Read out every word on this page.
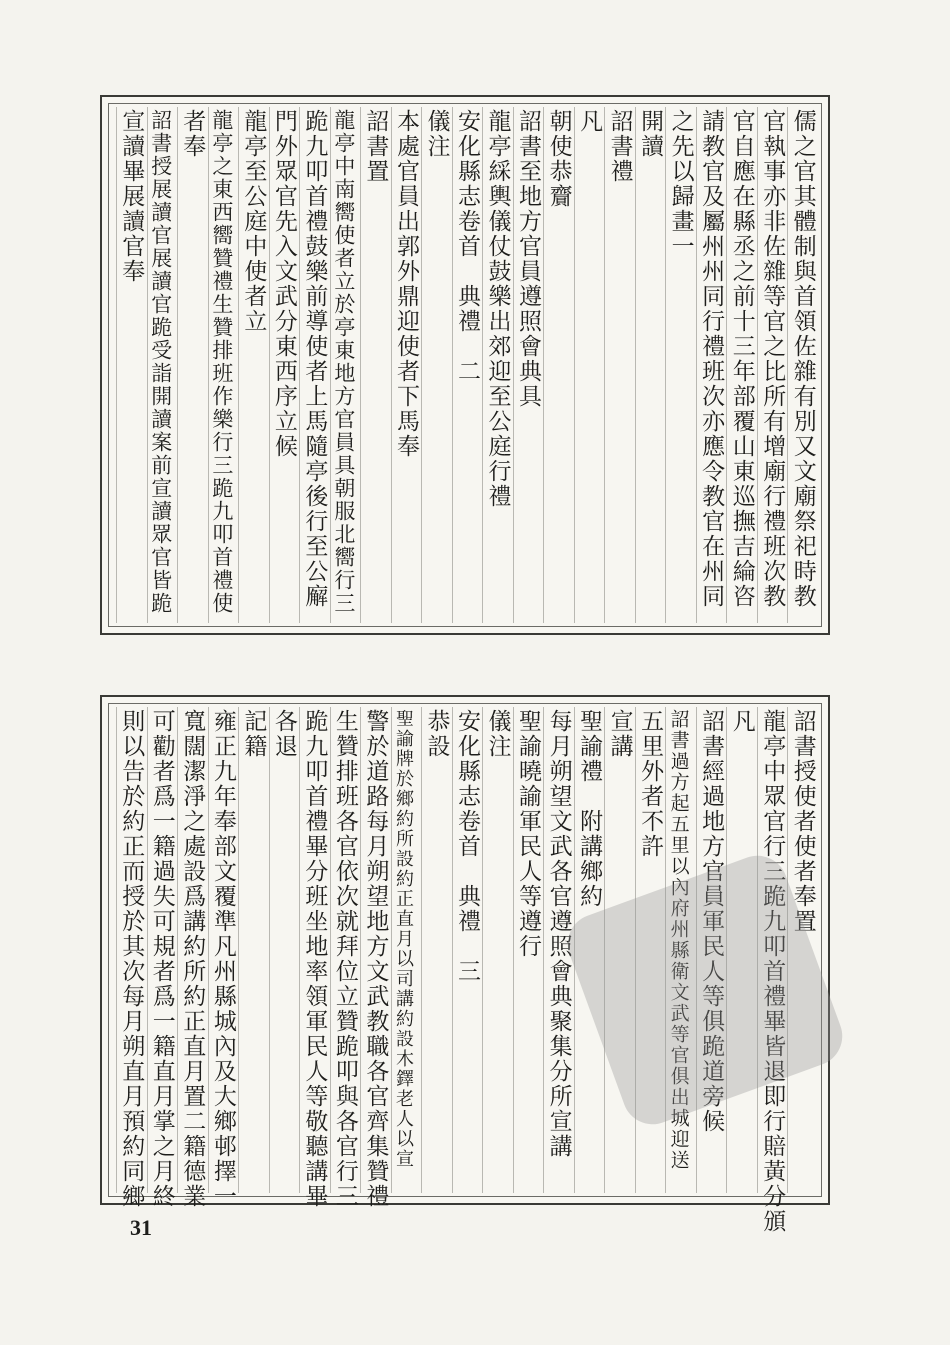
儒之官其體制與首領佐雜有別又文廟祭祀時教
官執事亦非佐雜等官之比所有增廟行禮班次教
官自應在縣丞之前十三年部覆山東巡撫吉綸咨
請教官及屬州州同行禮班次亦應令教官在州同
之先以歸畫一
開讀
詔書禮
凡
朝使恭齎
詔書至地方官員遵照會典具
龍亭綵輿儀仗鼓樂出郊迎至公庭行禮
安化縣志卷首　典禮　二
儀注
本處官員出郭外鼎迎使者下馬奉
詔書置
龍亭中南嚮使者立於亭東地方官員具朝服北嚮行三
跪九叩首禮鼓樂前導使者上馬隨亭後行至公廨
門外眾官先入文武分東西序立候
龍亭至公庭中使者立
龍亭之東西嚮贊禮生贊排班作樂行三跪九叩首禮使
者奉
詔書授展讀官展讀官跪受詣開讀案前宣讀眾官皆跪
宣讀畢展讀官奉
詔書授使者使者奉置
龍亭中眾官行三跪九叩首禮畢皆退即行賠黃分頒
凡
詔書經過地方官員軍民人等俱跪道旁候
詔書過方起五里以內府州縣衛文武等官俱出城迎送
五里外者不許
宣講
聖諭禮　附講鄉約
每月朔望文武各官遵照會典聚集分所宣講
聖諭曉諭軍民人等遵行
儀注
安化縣志卷首　典禮　三
恭設
聖諭牌於鄉約所設約正直月以司講約設木鐸老人以宣
警於道路每月朔望地方文武教職各官齊集贊禮
生贊排班各官依次就拜位立贊跪叩與各官行三
跪九叩首禮畢分班坐地率領軍民人等敬聽講畢
各退
記籍
雍正九年奉部文覆準凡州縣城內及大鄉邨擇一
寬闊潔淨之處設爲講約所約正直月置二籍德業
可勸者爲一籍過失可規者爲一籍直月掌之月終
則以告於約正而授於其次每月朔直月預約同鄉
31
